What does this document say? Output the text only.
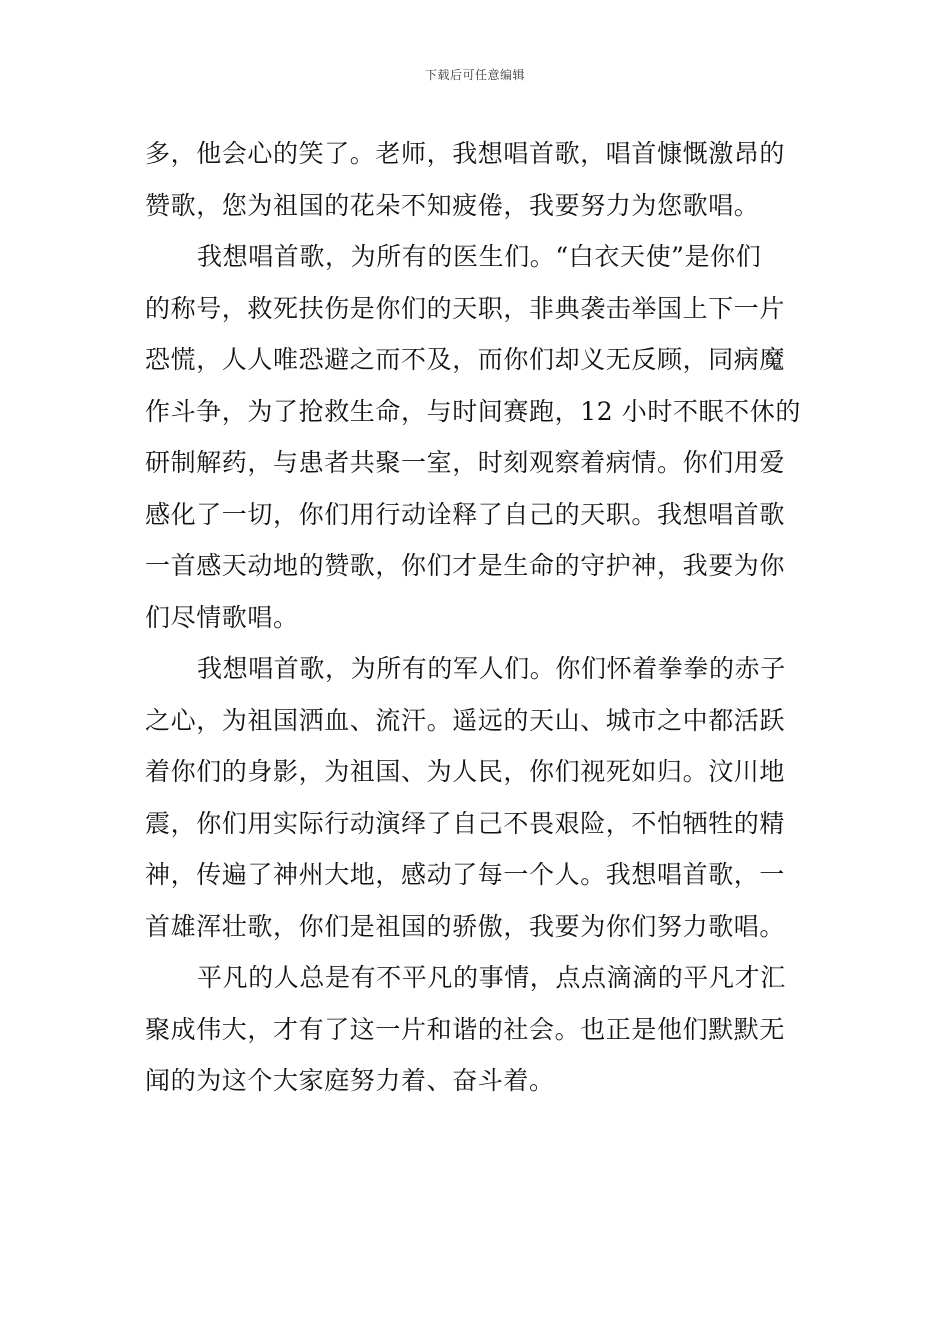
下载后可任意编辑
多，他会心的笑了。老师，我想唱首歌，唱首慷慨激昂的
赞歌，您为祖国的花朵不知疲倦，我要努力为您歌唱。
我想唱首歌，为所有的医生们。“白衣天使”是你们
的称号，救死扶伤是你们的天职，非典袭击举国上下一片
恐慌，人人唯恐避之而不及，而你们却义无反顾，同病魔
作斗争，为了抢救生命，与时间赛跑，12 小时不眠不休的
研制解药，与患者共聚一室，时刻观察着病情。你们用爱
感化了一切，你们用行动诠释了自己的天职。我想唱首歌
一首感天动地的赞歌，你们才是生命的守护神，我要为你
们尽情歌唱。
我想唱首歌，为所有的军人们。你们怀着拳拳的赤子
之心，为祖国洒血、流汗。遥远的天山、城市之中都活跃
着你们的身影，为祖国、为人民，你们视死如归。汶川地
震，你们用实际行动演绎了自己不畏艰险，不怕牺牲的精
神，传遍了神州大地，感动了每一个人。我想唱首歌，一
首雄浑壮歌，你们是祖国的骄傲，我要为你们努力歌唱。
平凡的人总是有不平凡的事情，点点滴滴的平凡才汇
聚成伟大，才有了这一片和谐的社会。也正是他们默默无
闻的为这个大家庭努力着、奋斗着。
